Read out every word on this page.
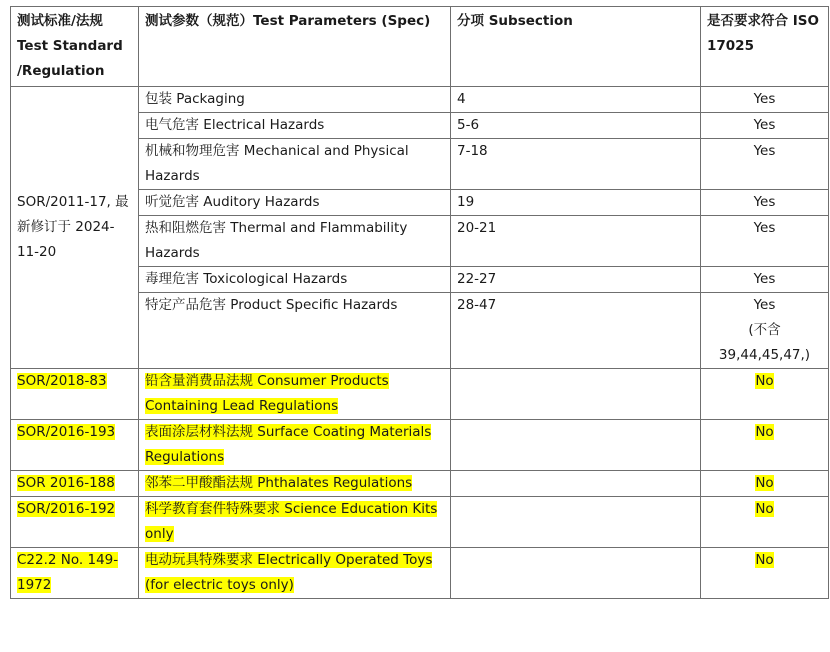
测试标准/法规 Test Standard /Regulation	测试参数（规范）Test Parameters (Spec)	分项 Subsection	是否要求符合 ISO 17025
SOR/2011-17, 最新修订于 2024-11-20	包装 Packaging	4	Yes
	电气危害 Electrical Hazards	5-6	Yes
	机械和物理危害 Mechanical and Physical Hazards	7-18	Yes
	听觉危害 Auditory Hazards	19	Yes
	热和阻燃危害 Thermal and Flammability Hazards	20-21	Yes
	毒理危害 Toxicological Hazards	22-27	Yes
	特定产品危害 Product Specific Hazards	28-47	Yes
(不含 39,44,45,47,)

SOR/2018-83	铅含量消费品法规 Consumer Products Containing Lead Regulations		No
SOR/2016-193	表面涂层材料法规 Surface Coating Materials Regulations		No
SOR 2016-188	邻苯二甲酸酯法规 Phthalates Regulations		No
SOR/2016-192	科学教育套件特殊要求 Science Education Kits only		No
C22.2 No. 149-1972	电动玩具特殊要求 Electrically Operated Toys (for electric toys only)		No
